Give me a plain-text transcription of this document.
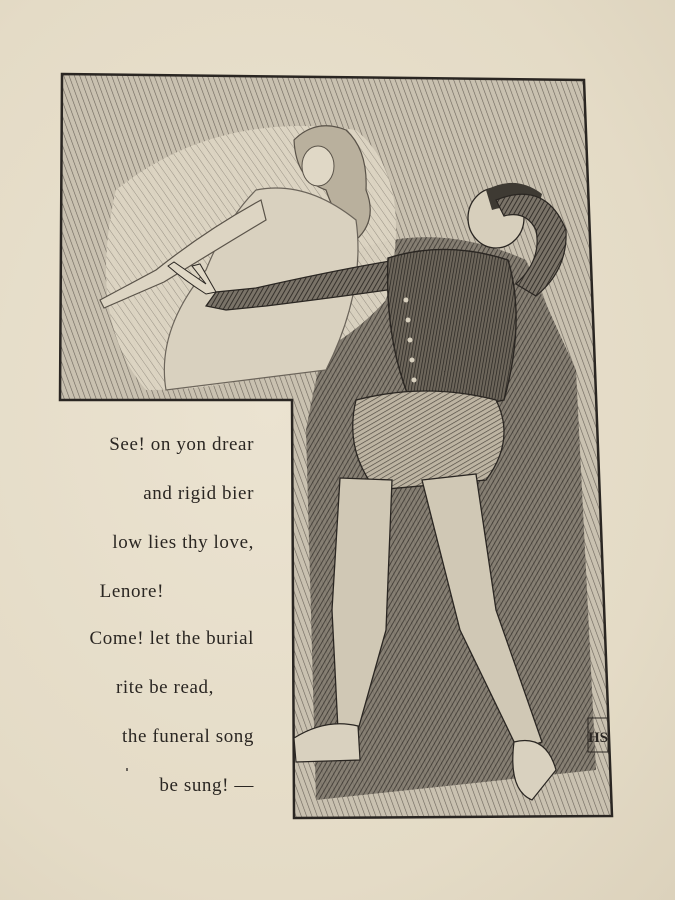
HS
See! on yon drear
and rigid bier
low lies thy love,
Lenore!
Come! let the burial
rite be read,
the funeral song
be sung! —
